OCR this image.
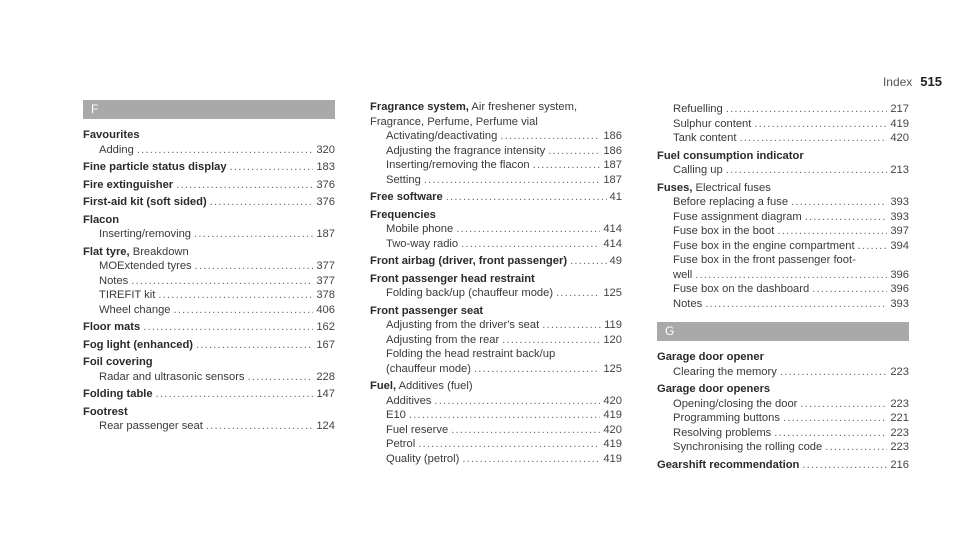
Index 515
F
Favourites
Adding .....	320
Fine particle status display .....	183
Fire extinguisher .....	376
First-aid kit (soft sided) .....	376
Flacon
Inserting/removing .....	187
Flat tyre, Breakdown
MOExtended tyres .....	377
Notes .....	377
TIREFIT kit .....	378
Wheel change .....	406
Floor mats .....	162
Fog light (enhanced) .....	167
Foil covering
Radar and ultrasonic sensors .....	228
Folding table .....	147
Footrest
Rear passenger seat .....	124
Fragrance system, Air freshener system,
Fragrance, Perfume, Perfume vial
Activating/deactivating .....	186
Adjusting the fragrance intensity .....	186
Inserting/removing the flacon .....	187
Setting .....	187
Free software .....	41
Frequencies
Mobile phone .....	414
Two-way radio .....	414
Front airbag (driver, front passenger) .....	49
Front passenger head restraint
Folding back/up (chauffeur mode) .....	125
Front passenger seat
Adjusting from the driver's seat .....	119
Adjusting from the rear .....	120
Folding the head restraint back/up
(chauffeur mode) .....	125
Fuel, Additives (fuel)
Additives .....	420
E10 .....	419
Fuel reserve .....	420
Petrol .....	419
Quality (petrol) .....	419
Refuelling .....	217
Sulphur content .....	419
Tank content .....	420
Fuel consumption indicator
Calling up .....	213
Fuses, Electrical fuses
Before replacing a fuse .....	393
Fuse assignment diagram .....	393
Fuse box in the boot .....	397
Fuse box in the engine compartment .....	394
Fuse box in the front passenger foot-
well .....	396
Fuse box on the dashboard .....	396
Notes .....	393
G
Garage door opener
Clearing the memory .....	223
Garage door openers
Opening/closing the door .....	223
Programming buttons .....	221
Resolving problems .....	223
Synchronising the rolling code .....	223
Gearshift recommendation .....	216
